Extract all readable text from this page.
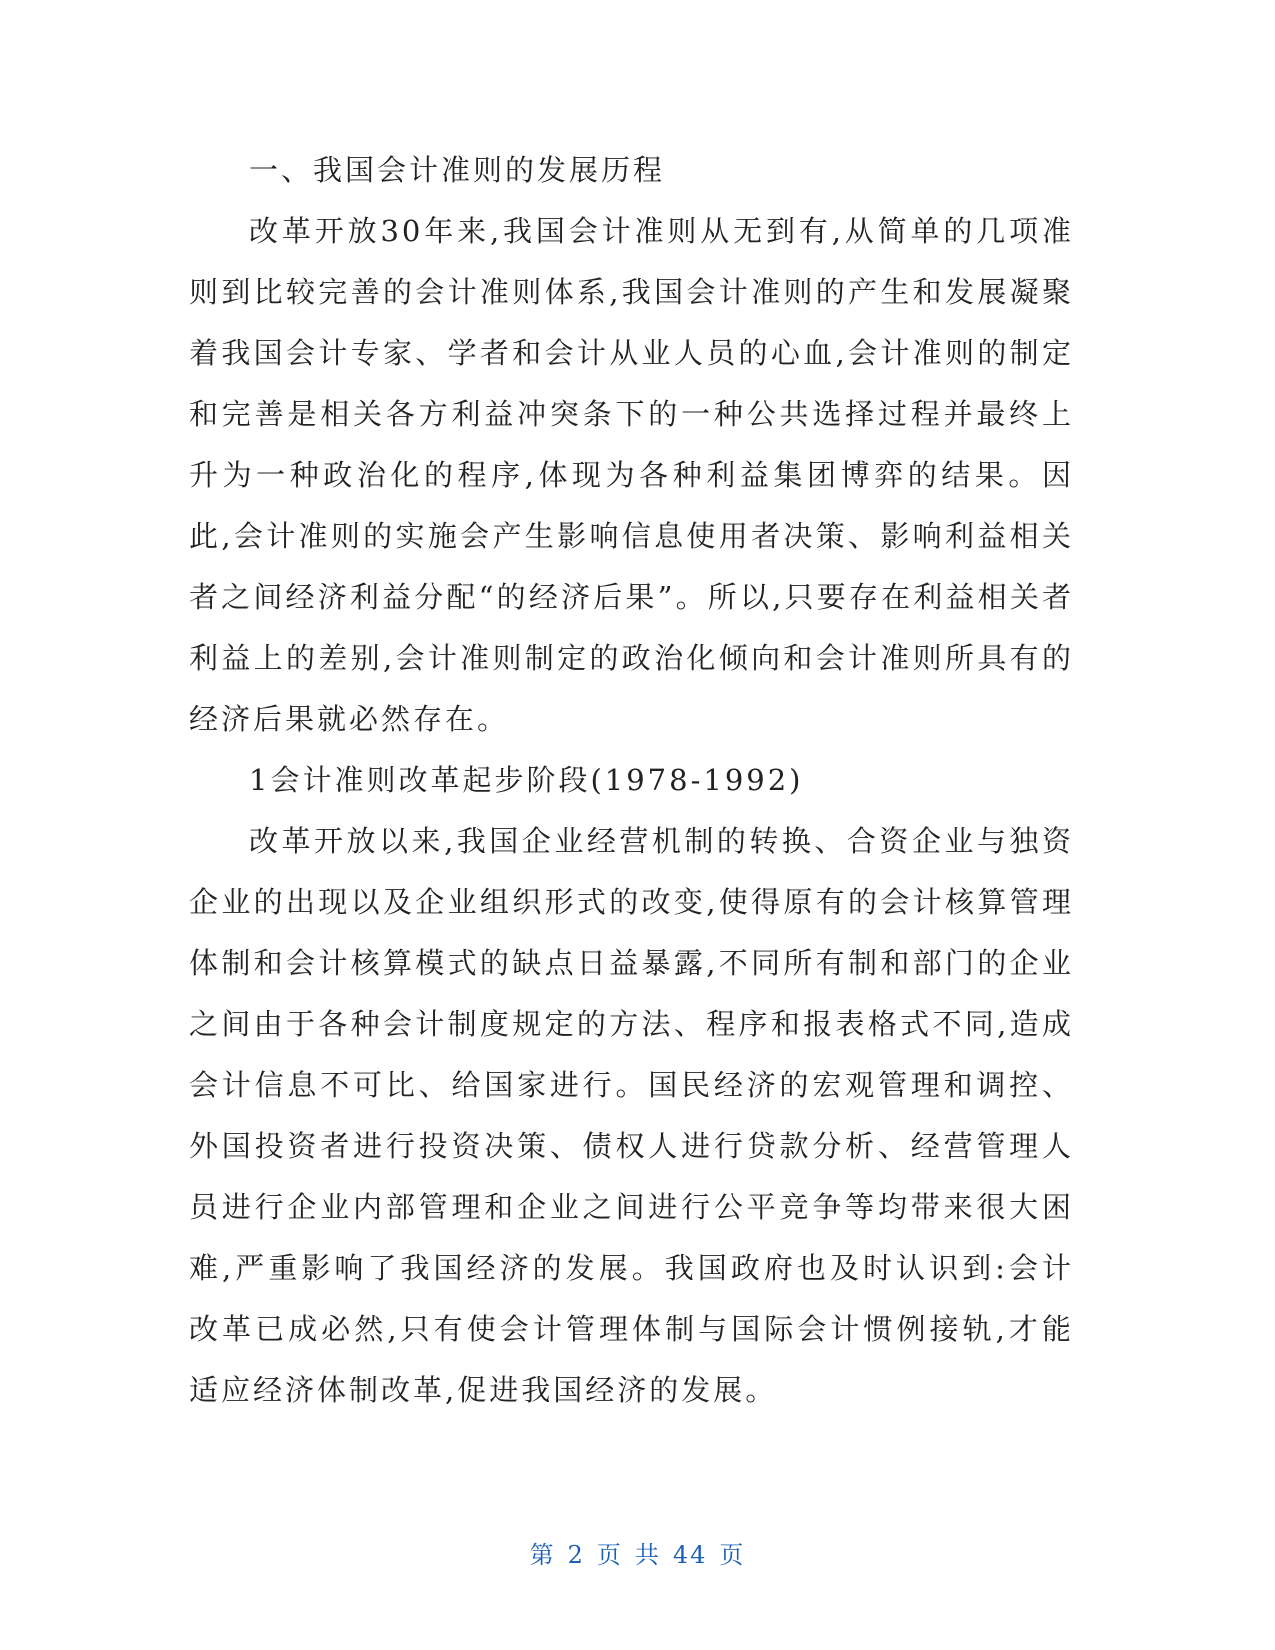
一、我国会计准则的发展历程

改革开放30年来,我国会计准则从无到有,从简单的几项准则到比较完善的会计准则体系,我国会计准则的产生和发展凝聚着我国会计专家、学者和会计从业人员的心血,会计准则的制定和完善是相关各方利益冲突条下的一种公共选择过程并最终上升为一种政治化的程序,体现为各种利益集团博弈的结果。因此,会计准则的实施会产生影响信息使用者决策、影响利益相关者之间经济利益分配“的经济后果”。所以,只要存在利益相关者利益上的差别,会计准则制定的政治化倾向和会计准则所具有的经济后果就必然存在。

1会计准则改革起步阶段(1978-1992)

改革开放以来,我国企业经营机制的转换、合资企业与独资企业的出现以及企业组织形式的改变,使得原有的会计核算管理体制和会计核算模式的缺点日益暴露,不同所有制和部门的企业之间由于各种会计制度规定的方法、程序和报表格式不同,造成会计信息不可比、给国家进行。国民经济的宏观管理和调控、外国投资者进行投资决策、债权人进行贷款分析、经营管理人员进行企业内部管理和企业之间进行公平竞争等均带来很大困难,严重影响了我国经济的发展。我国政府也及时认识到:会计改革已成必然,只有使会计管理体制与国际会计惯例接轨,才能适应经济体制改革,促进我国经济的发展。

第 2 页 共 44 页
